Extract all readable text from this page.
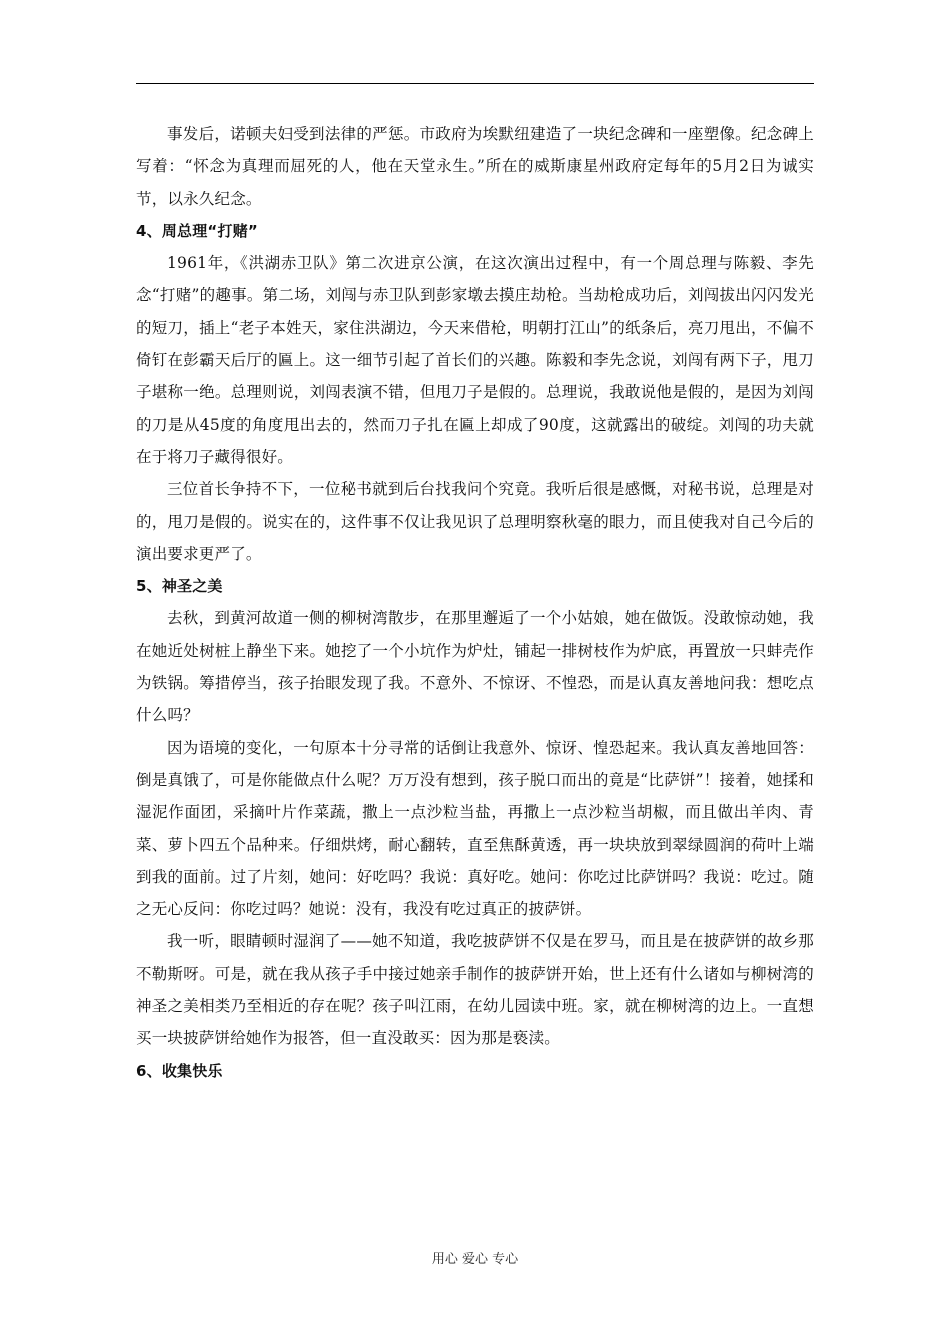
事发后，诺顿夫妇受到法律的严惩。市政府为埃默纽建造了一块纪念碑和一座塑像。纪念碑上写着：“怀念为真理而屈死的人，他在天堂永生。”所在的威斯康星州政府定每年的5月2日为诚实节，以永久纪念。

4、周总理“打赌”

1961年，《洪湖赤卫队》第二次进京公演，在这次演出过程中，有一个周总理与陈毅、李先念“打赌”的趣事。第二场，刘闯与赤卫队到彭家墩去摸庄劫枪。当劫枪成功后，刘闯拔出闪闪发光的短刀，插上“老子本姓天，家住洪湖边，今天来借枪，明朝打江山”的纸条后，亮刀甩出，不偏不倚钉在彭霸天后厅的匾上。这一细节引起了首长们的兴趣。陈毅和李先念说，刘闯有两下子，甩刀子堪称一绝。总理则说，刘闯表演不错，但甩刀子是假的。总理说，我敢说他是假的，是因为刘闯的刀是从45度的角度甩出去的，然而刀子扎在匾上却成了90度，这就露出的破绽。刘闯的功夫就在于将刀子藏得很好。

三位首长争持不下，一位秘书就到后台找我问个究竟。我听后很是感慨，对秘书说，总理是对的，甩刀是假的。说实在的，这件事不仅让我见识了总理明察秋毫的眼力，而且使我对自己今后的演出要求更严了。

5、神圣之美

去秋，到黄河故道一侧的柳树湾散步，在那里邂逅了一个小姑娘，她在做饭。没敢惊动她，我在她近处树桩上静坐下来。她挖了一个小坑作为炉灶，铺起一排树枝作为炉底，再置放一只蚌壳作为铁锅。筹措停当，孩子抬眼发现了我。不意外、不惊讶、不惶恐，而是认真友善地问我：想吃点什么吗？

因为语境的变化，一句原本十分寻常的话倒让我意外、惊讶、惶恐起来。我认真友善地回答：倒是真饿了，可是你能做点什么呢？万万没有想到，孩子脱口而出的竟是“比萨饼”！接着，她揉和湿泥作面团，采摘叶片作菜蔬，撒上一点沙粒当盐，再撒上一点沙粒当胡椒，而且做出羊肉、青菜、萝卜四五个品种来。仔细烘烤，耐心翻转，直至焦酥黄透，再一块块放到翠绿圆润的荷叶上端到我的面前。过了片刻，她问：好吃吗？我说：真好吃。她问：你吃过比萨饼吗？我说：吃过。随之无心反问：你吃过吗？她说：没有，我没有吃过真正的披萨饼。

我一听，眼睛顿时湿润了——她不知道，我吃披萨饼不仅是在罗马，而且是在披萨饼的故乡那不勒斯呀。可是，就在我从孩子手中接过她亲手制作的披萨饼开始，世上还有什么诸如与柳树湾的神圣之美相类乃至相近的存在呢？孩子叫江雨，在幼儿园读中班。家，就在柳树湾的边上。一直想买一块披萨饼给她作为报答，但一直没敢买：因为那是亵渎。

6、收集快乐

用心 爱心 专心
